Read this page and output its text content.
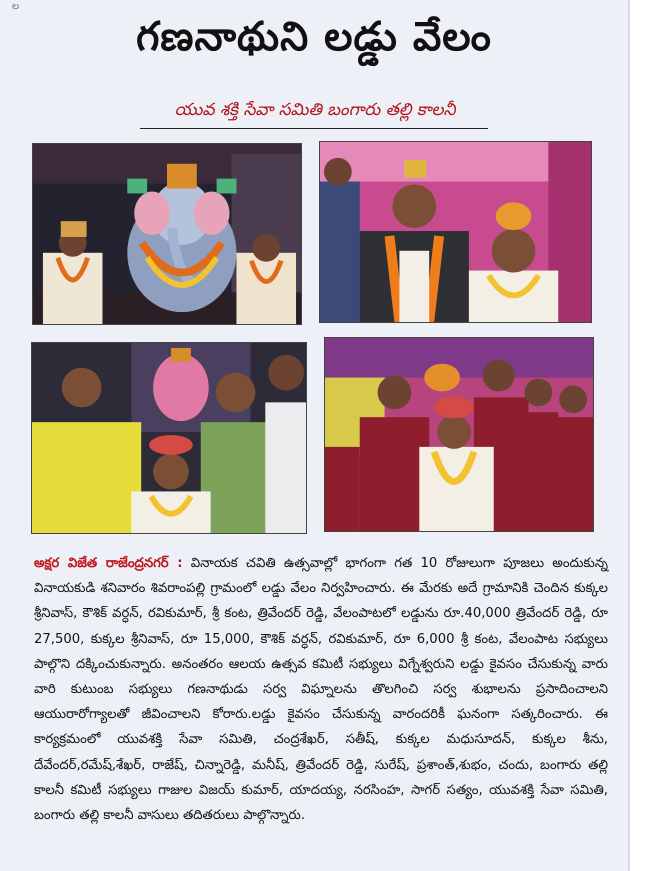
ల
గణనాథుని లడ్డు వేలం
యువ శక్తి సేవా సమితి బంగారు తల్లి కాలనీ
అక్షర విజేత రాజేంద్రనగర్ : వినాయక చవితి ఉత్సవాల్లో భాగంగా గత 10 రోజులుగా పూజలు అందుకున్న వినాయకుడి శనివారం శివరాంపల్లి గ్రామంలో లడ్డు వేలం నిర్వహించారు. ఈ మేరకు అదే గ్రామానికి చెందిన కుక్కల శ్రీనివాస్, కౌశిక్ వర్ధన్, రవికుమార్, శ్రీ కంట, త్రివేందర్ రెడ్డి, వేలంపాటలో లడ్డును రూ.40,000 త్రివేందర్ రెడ్డి, రూ 27,500, కుక్కల శ్రీనివాస్, రూ 15,000, కౌశిక్ వర్ధన్, రవికుమార్, రూ 6,000 శ్రీ కంట, వేలంపాట సభ్యులు పాల్గొని దక్కించుకున్నారు. అనంతరం ఆలయ ఉత్సవ కమిటీ సభ్యులు విగ్నేశ్వరుని లడ్డు కైవసం చేసుకున్న వారు వారి కుటుంబ సభ్యులు గణనాథుడు సర్వ విఘ్నాలను తొలగించి సర్వ శుభాలను ప్రసాదించాలని ఆయురారోగ్యాలతో జీవించాలని కోరారు.లడ్డు కైవసం చేసుకున్న వారందరికీ ఘనంగా సత్కరించారు. ఈ కార్యక్రమంలో యువశక్తి సేవా సమితి, చంద్రశేఖర్, సతీష్, కుక్కల మధుసూదన్, కుక్కల శీను, దేవేందర్,రమేష్,శేఖర్, రాజేష్, చిన్నారెడ్డి, మనీష్, త్రివేందర్ రెడ్డి, సురేష్, ప్రశాంత్,శుభం, చందు, బంగారు తల్లి కాలనీ కమిటీ సభ్యులు గాజుల విజయ్ కుమార్, యాదయ్య, నరసింహ, సాగర్ సత్యం, యువశక్తి సేవా సమితి, బంగారు తల్లి కాలనీ వాసులు తదితరులు పాల్గొన్నారు.
